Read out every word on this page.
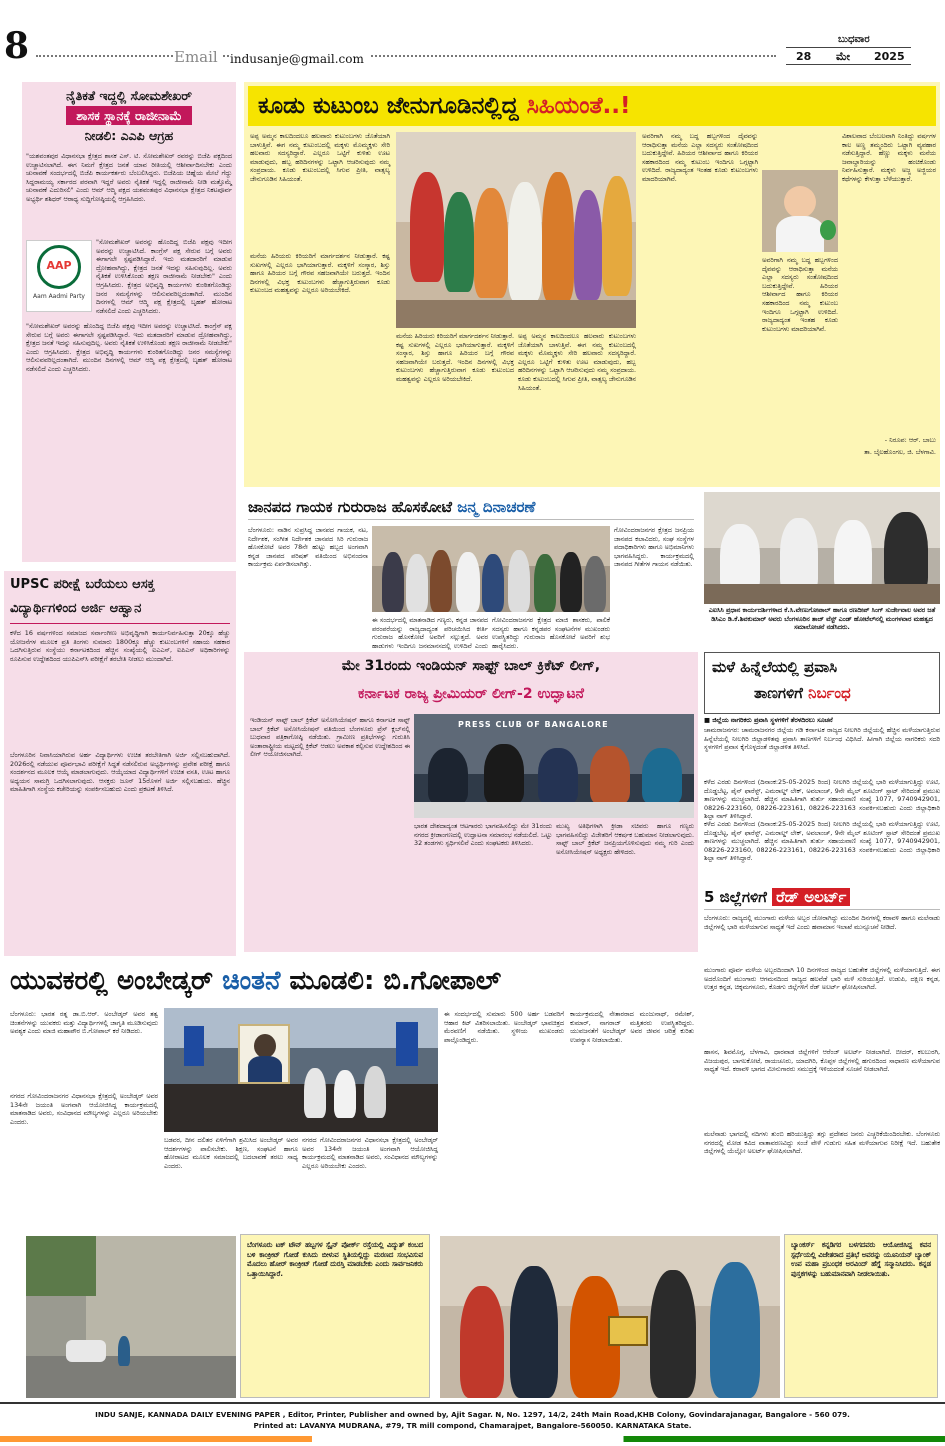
8	Email	indusanje@gmail.com
ಬುಧವಾರ
28 ಮೇ 2025
ನೈತಿಕತೆ ಇದ್ದಲ್ಲಿ ಸೋಮಶೇಖರ್
ಶಾಸಕ ಸ್ಥಾನಕ್ಕೆ ರಾಜೀನಾಮೆ
ನೀಡಲಿ: ಎಎಪಿ ಆಗ್ರಹ
"ಯಶವಂತಪುರ ವಿಧಾನಸಭಾ ಕ್ಷೇತ್ರದ ಶಾಸಕ ಎಸ್. ಟಿ. ಸೋಮಶೇಖರ್ ರವರನ್ನು ಬಿಜೆಪಿ ಪಕ್ಷದಿಂದ ಉಚ್ಚಾಟಿಸಲಾಗಿದೆ. ಈಗ ನಿಮಗೆ ಕ್ಷೇತ್ರದ ಜನತೆ ಯಾವ ರೀತಿಯಲ್ಲಿ ಆಶೀರ್ವಾದಿಸಬೇಕು ಎಂದು ಚುನಾವಣೆ ಸಂದರ್ಭದಲ್ಲಿ ಬಿಜೆಪಿ ಕಾರ್ಯಕರ್ತರು ಬೆಂಬಲಿಸಿದ್ದರು. ಬಿಜೆಪಿಯ ಚಿಹ್ನೆಯ ಮೇಲೆ ಗೆದ್ದು ಸಿದ್ದರಾಮಯ್ಯ ಸರ್ಕಾರದ ಪರವಾಗಿ ಇದ್ದರೆ ಅವರು ನೈತಿಕತೆ ಇದ್ದಲ್ಲಿ ರಾಜೀನಾಮೆ ನೀಡಿ ಮತ್ತೊಮ್ಮೆ ಚುನಾವಣೆ ಎದುರಿಸಲಿ" ಎಂದು ಆಮ್ ಆದ್ಮಿ ಪಕ್ಷದ ಯಶವಂತಪುರ ವಿಧಾನಸಭಾ ಕ್ಷೇತ್ರದ ನಿಕಟಪೂರ್ವ ಅಭ್ಯರ್ಥಿ ಶಶಿಧರ್ ಆರಾಧ್ಯ ಸುದ್ದಿಗೋಷ್ಠಿಯಲ್ಲಿ ಆಗ್ರಹಿಸಿದರು.
AAP
Aam Aadmi Party
"ಸೋಮಶೇಖರ್ ಅವರನ್ನು ಹೊಂದಿದ್ದ ಬಿಜೆಪಿ ಪಕ್ಷವು ಇದೀಗ ಅವರನ್ನು ಉಚ್ಚಾಟಿಸಿದೆ. ಕಾಂಗ್ರೆಸ್ ಪಕ್ಷ ಸೇರುವ ಬಗ್ಗೆ ಅವರು ಈಗಾಗಲೇ ಸ್ಪಷ್ಟಪಡಿಸಿದ್ದಾರೆ. ಇದು ಮತದಾರರಿಗೆ ಮಾಡುವ ದ್ರೋಹವಾಗಿದ್ದು, ಕ್ಷೇತ್ರದ ಜನತೆ ಇದನ್ನು ಸಹಿಸುವುದಿಲ್ಲ. ಅವರು ನೈತಿಕತೆ ಉಳಿಸಿಕೊಂಡು ತಕ್ಷಣ ರಾಜೀನಾಮೆ ನೀಡಬೇಕು" ಎಂದು ಆಗ್ರಹಿಸಿದರು. ಕ್ಷೇತ್ರದ ಅಭಿವೃದ್ಧಿ ಕಾರ್ಯಗಳು ಕುಂಠಿತಗೊಂಡಿದ್ದು ಜನರ ಸಮಸ್ಯೆಗಳನ್ನು ಆಲಿಸುವವರಿಲ್ಲದಂತಾಗಿದೆ. ಮುಂದಿನ ದಿನಗಳಲ್ಲಿ ಆಮ್ ಆದ್ಮಿ ಪಕ್ಷ ಕ್ಷೇತ್ರದಲ್ಲಿ ಬೃಹತ್ ಹೋರಾಟ ನಡೆಸಲಿದೆ ಎಂದು ಎಚ್ಚರಿಸಿದರು.
"ಸೋಮಶೇಖರ್ ಅವರನ್ನು ಹೊಂದಿದ್ದ ಬಿಜೆಪಿ ಪಕ್ಷವು ಇದೀಗ ಅವರನ್ನು ಉಚ್ಚಾಟಿಸಿದೆ. ಕಾಂಗ್ರೆಸ್ ಪಕ್ಷ ಸೇರುವ ಬಗ್ಗೆ ಅವರು ಈಗಾಗಲೇ ಸ್ಪಷ್ಟಪಡಿಸಿದ್ದಾರೆ. ಇದು ಮತದಾರರಿಗೆ ಮಾಡುವ ದ್ರೋಹವಾಗಿದ್ದು, ಕ್ಷೇತ್ರದ ಜನತೆ ಇದನ್ನು ಸಹಿಸುವುದಿಲ್ಲ. ಅವರು ನೈತಿಕತೆ ಉಳಿಸಿಕೊಂಡು ತಕ್ಷಣ ರಾಜೀನಾಮೆ ನೀಡಬೇಕು" ಎಂದು ಆಗ್ರಹಿಸಿದರು. ಕ್ಷೇತ್ರದ ಅಭಿವೃದ್ಧಿ ಕಾರ್ಯಗಳು ಕುಂಠಿತಗೊಂಡಿದ್ದು ಜನರ ಸಮಸ್ಯೆಗಳನ್ನು ಆಲಿಸುವವರಿಲ್ಲದಂತಾಗಿದೆ. ಮುಂದಿನ ದಿನಗಳಲ್ಲಿ ಆಮ್ ಆದ್ಮಿ ಪಕ್ಷ ಕ್ಷೇತ್ರದಲ್ಲಿ ಬೃಹತ್ ಹೋರಾಟ ನಡೆಸಲಿದೆ ಎಂದು ಎಚ್ಚರಿಸಿದರು.
UPSC ಪರೀಕ್ಷೆ ಬರೆಯಲು ಆಸಕ್ತ
ವಿದ್ಯಾರ್ಥಿಗಳಿಂದ ಅರ್ಜಿ ಆಹ್ವಾನ
ಕಳೆದ 16 ವರ್ಷಗಳಿಂದ ಸಮಾಜದ ಸರ್ವಾಂಗೀಣ ಅಭಿವೃದ್ಧಿಗಾಗಿ ಕಾರ್ಯನಿರ್ವಹಿಸುತ್ತಾ 20ಕ್ಕೂ ಹೆಚ್ಚು ಯೋಜನೆಗಳ ಮೂಲಕ ಪ್ರತಿ ತಿಂಗಳು ಸುಮಾರು 1800ಕ್ಕೂ ಹೆಚ್ಚು ಕುಟುಂಬಗಳಿಗೆ ಸಹಾಯ ಸಹಕಾರ ಒದಗಿಸುತ್ತಿರುವ ಸಂಸ್ಥೆಯು ಕರ್ನಾಟಕದಿಂದ ಹೆಚ್ಚಿನ ಸಂಖ್ಯೆಯಲ್ಲಿ ಐಎಎಸ್, ಐಪಿಎಸ್ ಅಧಿಕಾರಿಗಳನ್ನು ರೂಪಿಸುವ ಉದ್ದೇಶದಿಂದ ಯುಪಿಎಸ್‌ಸಿ ಪರೀಕ್ಷೆಗೆ ತರಬೇತಿ ನೀಡಲು ಮುಂದಾಗಿದೆ.
ಬೆಂಗಳೂರಿನ ನಿವಾಸಿಯಾಗಿರುವ ಅರ್ಹ ವಿದ್ಯಾರ್ಥಿಗಳು ಉಚಿತ ತರಬೇತಿಗಾಗಿ ಅರ್ಜಿ ಸಲ್ಲಿಸಬಹುದಾಗಿದೆ. 2026ರಲ್ಲಿ ನಡೆಯುವ ಪೂರ್ವಭಾವಿ ಪರೀಕ್ಷೆಗೆ ಸಿದ್ಧತೆ ನಡೆಸಲಿರುವ ಅಭ್ಯರ್ಥಿಗಳನ್ನು ಪ್ರವೇಶ ಪರೀಕ್ಷೆ ಹಾಗೂ ಸಂದರ್ಶನದ ಮೂಲಕ ಆಯ್ಕೆ ಮಾಡಲಾಗುವುದು. ಆಯ್ಕೆಯಾದ ವಿದ್ಯಾರ್ಥಿಗಳಿಗೆ ಉಚಿತ ವಸತಿ, ಊಟ ಹಾಗೂ ಅಧ್ಯಯನ ಸಾಮಗ್ರಿ ಒದಗಿಸಲಾಗುವುದು. ಆಸಕ್ತರು ಜೂನ್ 15ರೊಳಗೆ ಅರ್ಜಿ ಸಲ್ಲಿಸಬಹುದು. ಹೆಚ್ಚಿನ ಮಾಹಿತಿಗಾಗಿ ಸಂಸ್ಥೆಯ ಕಚೇರಿಯನ್ನು ಸಂಪರ್ಕಿಸಬಹುದು ಎಂದು ಪ್ರಕಟಣೆ ತಿಳಿಸಿದೆ.
ಕೂಡು ಕುಟುಂಬ ಜೇನುಗೂಡಿನಲ್ಲಿದ್ದ ಸಿಹಿಯಂತೆ..!
ಅಪ್ಪ ಅಮ್ಮನ ಕಾಲದಿಂದಲೂ ಹಲವಾರು ಕುಟುಂಬಗಳು ಜೊತೆಯಾಗಿ ಬಾಳುತ್ತಿವೆ. ಈಗ ನಮ್ಮ ಕುಟುಂಬದಲ್ಲಿ ಮಕ್ಕಳು ಮೊಮ್ಮಕ್ಕಳು ಸೇರಿ ಹಲವಾರು ಸದಸ್ಯರಿದ್ದಾರೆ. ಎಲ್ಲರೂ ಒಟ್ಟಿಗೆ ಕುಳಿತು ಊಟ ಮಾಡುವುದು, ಹಬ್ಬ ಹರಿದಿನಗಳನ್ನು ಒಟ್ಟಾಗಿ ಆಚರಿಸುವುದು ನಮ್ಮ ಸಂಪ್ರದಾಯ. ಕೂಡು ಕುಟುಂಬದಲ್ಲಿ ಸಿಗುವ ಪ್ರೀತಿ, ವಾತ್ಸಲ್ಯ ಜೇನುಗೂಡಿನ ಸಿಹಿಯಂತೆ.
ಮನೆಯ ಹಿರಿಯರು ಕಿರಿಯರಿಗೆ ಮಾರ್ಗದರ್ಶನ ನೀಡುತ್ತಾರೆ. ಕಷ್ಟ ಸುಖಗಳಲ್ಲಿ ಎಲ್ಲರೂ ಭಾಗಿಯಾಗುತ್ತಾರೆ. ಮಕ್ಕಳಿಗೆ ಸಂಸ್ಕಾರ, ಶಿಸ್ತು ಹಾಗೂ ಹಿರಿಯರ ಬಗ್ಗೆ ಗೌರವ ಸಹಜವಾಗಿಯೇ ಬರುತ್ತದೆ. ಇಂದಿನ ದಿನಗಳಲ್ಲಿ ವಿಭಕ್ತ ಕುಟುಂಬಗಳು ಹೆಚ್ಚಾಗುತ್ತಿರುವಾಗ ಕೂಡು ಕುಟುಂಬದ ಮಹತ್ವವನ್ನು ಎಲ್ಲರೂ ಅರಿಯಬೇಕಿದೆ.
ಮನೆಯ ಹಿರಿಯರು ಕಿರಿಯರಿಗೆ ಮಾರ್ಗದರ್ಶನ ನೀಡುತ್ತಾರೆ. ಕಷ್ಟ ಸುಖಗಳಲ್ಲಿ ಎಲ್ಲರೂ ಭಾಗಿಯಾಗುತ್ತಾರೆ. ಮಕ್ಕಳಿಗೆ ಸಂಸ್ಕಾರ, ಶಿಸ್ತು ಹಾಗೂ ಹಿರಿಯರ ಬಗ್ಗೆ ಗೌರವ ಸಹಜವಾಗಿಯೇ ಬರುತ್ತದೆ. ಇಂದಿನ ದಿನಗಳಲ್ಲಿ ವಿಭಕ್ತ ಕುಟುಂಬಗಳು ಹೆಚ್ಚಾಗುತ್ತಿರುವಾಗ ಕೂಡು ಕುಟುಂಬದ ಮಹತ್ವವನ್ನು ಎಲ್ಲರೂ ಅರಿಯಬೇಕಿದೆ.
ಅಪ್ಪ ಅಮ್ಮನ ಕಾಲದಿಂದಲೂ ಹಲವಾರು ಕುಟುಂಬಗಳು ಜೊತೆಯಾಗಿ ಬಾಳುತ್ತಿವೆ. ಈಗ ನಮ್ಮ ಕುಟುಂಬದಲ್ಲಿ ಮಕ್ಕಳು ಮೊಮ್ಮಕ್ಕಳು ಸೇರಿ ಹಲವಾರು ಸದಸ್ಯರಿದ್ದಾರೆ. ಎಲ್ಲರೂ ಒಟ್ಟಿಗೆ ಕುಳಿತು ಊಟ ಮಾಡುವುದು, ಹಬ್ಬ ಹರಿದಿನಗಳನ್ನು ಒಟ್ಟಾಗಿ ಆಚರಿಸುವುದು ನಮ್ಮ ಸಂಪ್ರದಾಯ. ಕೂಡು ಕುಟುಂಬದಲ್ಲಿ ಸಿಗುವ ಪ್ರೀತಿ, ವಾತ್ಸಲ್ಯ ಜೇನುಗೂಡಿನ ಸಿಹಿಯಂತೆ.
ಅವರಿಗಾಗಿ ನಮ್ಮ ಬದ್ಧ ಹಬ್ಬಗಳಿಂದ ದೈವವನ್ನು ಆರಾಧಿಸುತ್ತಾ ಮನೆಯ ಎಲ್ಲಾ ಸದಸ್ಯರು ಸಂತೋಷದಿಂದ ಬದುಕುತ್ತಿದ್ದೇವೆ. ಹಿರಿಯರ ಆಶೀರ್ವಾದ ಹಾಗೂ ಕಿರಿಯರ ಸಹಕಾರದಿಂದ ನಮ್ಮ ಕುಟುಂಬ ಇಂದಿಗೂ ಒಗ್ಗಟ್ಟಾಗಿ ಉಳಿದಿದೆ. ರಾಜ್ಯದಾದ್ಯಂತ ಇಂತಹ ಕೂಡು ಕುಟುಂಬಗಳು ಮಾದರಿಯಾಗಿವೆ.
ಅವರಿಗಾಗಿ ನಮ್ಮ ಬದ್ಧ ಹಬ್ಬಗಳಿಂದ ದೈವವನ್ನು ಆರಾಧಿಸುತ್ತಾ ಮನೆಯ ಎಲ್ಲಾ ಸದಸ್ಯರು ಸಂತೋಷದಿಂದ ಬದುಕುತ್ತಿದ್ದೇವೆ. ಹಿರಿಯರ ಆಶೀರ್ವಾದ ಹಾಗೂ ಕಿರಿಯರ ಸಹಕಾರದಿಂದ ನಮ್ಮ ಕುಟುಂಬ ಇಂದಿಗೂ ಒಗ್ಗಟ್ಟಾಗಿ ಉಳಿದಿದೆ. ರಾಜ್ಯದಾದ್ಯಂತ ಇಂತಹ ಕೂಡು ಕುಟುಂಬಗಳು ಮಾದರಿಯಾಗಿವೆ.
ವಿಶಾಲವಾದ ಬೆಂಬಲವಾಗಿ ನಿಂತಿದ್ದು ವರ್ಷಗಳ ಕಾಲ ಅಣ್ಣ ತಮ್ಮಂದಿರು ಒಟ್ಟಾಗಿ ವ್ಯವಹಾರ ನಡೆಸುತ್ತಿದ್ದಾರೆ. ಹೆಣ್ಣು ಮಕ್ಕಳು ಮನೆಯ ಜವಾಬ್ದಾರಿಯನ್ನು ಹಂಚಿಕೊಂಡು ನಿರ್ವಹಿಸುತ್ತಾರೆ. ಮಕ್ಕಳು ಅಜ್ಜ ಅಜ್ಜಿಯರ ಕಥೆಗಳನ್ನು ಕೇಳುತ್ತಾ ಬೆಳೆಯುತ್ತಾರೆ.
- ನಿರೂಪ: ಆರ್. ಬಾಬು
ತಾ. ಬೈಲಹೊಂಗಲ, ಜಿ. ಬೆಳಗಾವಿ.
ಜಾನಪದ ಗಾಯಕ ಗುರುರಾಜ ಹೊಸಕೋಟೆ ಜನ್ಮ ದಿನಾಚರಣೆ
ಬೆಂಗಳೂರು: ನಾಡಿನ ಸುಪ್ರಸಿದ್ಧ ಜಾನಪದ ಗಾಯಕ, ನಟ, ನಿರ್ದೇಶಕ, ಸಂಗೀತ ನಿರ್ದೇಶಕ ಜಾನಪದ ಸಿರಿ ಗುರುರಾಜ ಹೊಸಕೋಟೆ ಅವರ 78ನೇ ಹುಟ್ಟು ಹಬ್ಬದ ಅಂಗವಾಗಿ ಕನ್ನಡ ಜಾನಪದ ಪರಿಷತ್ ವತಿಯಿಂದ ಅಭಿನಂದನಾ ಕಾರ್ಯಕ್ರಮ ಏರ್ಪಡಿಸಲಾಗಿತ್ತು.
ಈ ಸಂದರ್ಭದಲ್ಲಿ ಮಾತನಾಡಿದ ಗಣ್ಯರು, ಕನ್ನಡ ಜಾನಪದ ಪರಂಪರೆಯನ್ನು ರಾಜ್ಯದಾದ್ಯಂತ ಪರಿಚಯಿಸಿದ ಕೀರ್ತಿ ಗುರುರಾಜ ಹೊಸಕೋಟೆ ಅವರಿಗೆ ಸಲ್ಲುತ್ತದೆ. ಅವರ ಹಾಡುಗಳು ಇಂದಿಗೂ ಜನಮಾನಸದಲ್ಲಿ ಉಳಿದಿವೆ ಎಂದು
ಗೋವಿಂದರಾಜನಗರ ಕ್ಷೇತ್ರದ ಮಾಜಿ ಶಾಸಕರು, ಪಾಲಿಕೆ ಸದಸ್ಯರು ಹಾಗೂ ಕನ್ನಡಪರ ಸಂಘಟನೆಗಳ ಮುಖಂಡರು ಉಪಸ್ಥಿತರಿದ್ದು ಗುರುರಾಜ ಹೊಸಕೋಟೆ ಅವರಿಗೆ ಶುಭ ಹಾರೈಸಿದರು.
ಗೋವಿಂದರಾಜನಗರ ಕ್ಷೇತ್ರದ ಜನಪ್ರಿಯ ಜಾನಪದ ಕಲಾವಿದರು, ಸಂಘ ಸಂಸ್ಥೆಗಳ ಪದಾಧಿಕಾರಿಗಳು ಹಾಗೂ ಅಭಿಮಾನಿಗಳು ಭಾಗವಹಿಸಿದ್ದರು. ಕಾರ್ಯಕ್ರಮದಲ್ಲಿ ಜಾನಪದ ಗೀತೆಗಳ ಗಾಯನ ನಡೆಯಿತು.
ಎಐಸಿಸಿ ಪ್ರಧಾನ ಕಾರ್ಯದರ್ಶಿಗಳಾದ ಕೆ.ಸಿ.ವೇಣುಗೋಪಾಲ್ ಹಾಗೂ ರಣದೀಪ್ ಸಿಂಗ್ ಸುರ್ಜೇವಾಲ ಅವರ ಜತೆ ಡಿಸಿಎಂ ಡಿ.ಕೆ.ಶಿವಕುಮಾರ್ ಅವರು ಬೆಂಗಳೂರಿನ ತಾಜ್ ವೆಸ್ಟ್ ಎಂಡ್ ಹೋಟೆಲ್‌ನಲ್ಲಿ ಮಂಗಳವಾರ ಮಹತ್ವದ ಸಮಾಲೋಚನೆ ನಡೆಸಿದರು.
ಮಳೆ ಹಿನ್ನೆಲೆಯಲ್ಲಿ ಪ್ರವಾಸಿ
ತಾಣಗಳಿಗೆ ನಿರ್ಬಂಧ
■ ಜಿಲ್ಲೆಯ ನಾಗರಿಕರು ಪ್ರವಾಸಿ ಸ್ಥಳಗಳಿಗೆ ತೆರಳದಿರಲು ಸೂಚನೆ
ಚಾಮರಾಜನಗರ: ಚಾಮರಾಜನಗರ ಜಿಲ್ಲೆಯ ಗಡಿ ಕರ್ನಾಟಕ ರಾಜ್ಯದ ನೀಲಗಿರಿ ಜಿಲ್ಲೆಯಲ್ಲಿ ಹೆಚ್ಚಿನ ಮಳೆಯಾಗುತ್ತಿರುವ ಹಿನ್ನೆಲೆಯಲ್ಲಿ ನೀಲಗಿರಿ ಜಿಲ್ಲಾಡಳಿತವು ಪ್ರವಾಸಿ ತಾಣಗಳಿಗೆ ನಿರ್ಬಂಧ ವಿಧಿಸಿದೆ. ಹೀಗಾಗಿ ಜಿಲ್ಲೆಯ ನಾಗರಿಕರು ಸದರಿ ಸ್ಥಳಗಳಿಗೆ ಪ್ರವಾಸ ಕೈಗೊಳ್ಳದಂತೆ ಜಿಲ್ಲಾಡಳಿತ ತಿಳಿಸಿದೆ.
ಕಳೆದ ಎರಡು ದಿನಗಳಿಂದ (ದಿನಾಂಕ:25-05-2025 ರಿಂದ) ನೀಲಗಿರಿ ಜಿಲ್ಲೆಯಲ್ಲಿ ಭಾರಿ ಮಳೆಯಾಗುತ್ತಿದ್ದು ಊಟಿ, ದೊಡ್ಡಬೆಟ್ಟ, ಪೈನ್ ಫಾರೆಸ್ಟ್, ಎಮರಾಲ್ಡ್ ಲೇಕ್, ಅವಲಾಂಚ್, 9ನೇ ಮೈಲ್ ಶೂಟಿಂಗ್ ಸ್ಪಾಟ್ ಸೇರಿದಂತೆ ಪ್ರಮುಖ ತಾಣಗಳನ್ನು ಮುಚ್ಚಲಾಗಿದೆ. ಹೆಚ್ಚಿನ ಮಾಹಿತಿಗಾಗಿ ತುರ್ತು ಸಹಾಯವಾಣಿ ಸಂಖ್ಯೆ 1077, 9740942901, 08226-223160, 08226-223161, 08226-223163 ಸಂಪರ್ಕಿಸಬಹುದು ಎಂದು ಜಿಲ್ಲಾಧಿಕಾರಿ ಶಿಲ್ಪಾ ನಾಗ್ ತಿಳಿಸಿದ್ದಾರೆ.
ಕಳೆದ ಎರಡು ದಿನಗಳಿಂದ (ದಿನಾಂಕ:25-05-2025 ರಿಂದ) ನೀಲಗಿರಿ ಜಿಲ್ಲೆಯಲ್ಲಿ ಭಾರಿ ಮಳೆಯಾಗುತ್ತಿದ್ದು ಊಟಿ, ದೊಡ್ಡಬೆಟ್ಟ, ಪೈನ್ ಫಾರೆಸ್ಟ್, ಎಮರಾಲ್ಡ್ ಲೇಕ್, ಅವಲಾಂಚ್, 9ನೇ ಮೈಲ್ ಶೂಟಿಂಗ್ ಸ್ಪಾಟ್ ಸೇರಿದಂತೆ ಪ್ರಮುಖ ತಾಣಗಳನ್ನು ಮುಚ್ಚಲಾಗಿದೆ. ಹೆಚ್ಚಿನ ಮಾಹಿತಿಗಾಗಿ ತುರ್ತು ಸಹಾಯವಾಣಿ ಸಂಖ್ಯೆ 1077, 9740942901, 08226-223160, 08226-223161, 08226-223163 ಸಂಪರ್ಕಿಸಬಹುದು ಎಂದು ಜಿಲ್ಲಾಧಿಕಾರಿ ಶಿಲ್ಪಾ ನಾಗ್ ತಿಳಿಸಿದ್ದಾರೆ.
5 ಜಿಲ್ಲೆಗಳಿಗೆ ರೆಡ್ ಅಲರ್ಟ್
ಬೆಂಗಳೂರು: ರಾಜ್ಯದಲ್ಲಿ ಮುಂಗಾರು ಮಳೆಯ ಅಬ್ಬರ ಜೋರಾಗಿದ್ದು ಮುಂದಿನ ದಿನಗಳಲ್ಲಿ ಕರಾವಳಿ ಹಾಗೂ ಮಲೆನಾಡು ಜಿಲ್ಲೆಗಳಲ್ಲಿ ಭಾರಿ ಮಳೆಯಾಗುವ ಸಾಧ್ಯತೆ ಇದೆ ಎಂದು ಹವಾಮಾನ ಇಲಾಖೆ ಮುನ್ಸೂಚನೆ ನೀಡಿದೆ.
ಮುಂಗಾರು ಪೂರ್ವ ಮಳೆಯ ಅಬ್ಬರದಿಂದಾಗಿ 10 ದಿನಗಳಿಂದ ರಾಜ್ಯದ ಬಹುತೇಕ ಜಿಲ್ಲೆಗಳಲ್ಲಿ ಮಳೆಯಾಗುತ್ತಿದೆ. ಈಗ ಅದರೊಂದಿಗೆ ಮುಂಗಾರು ಆಗಮನದಿಂದ ರಾಜ್ಯದ ಹಲವೆಡೆ ಭಾರಿ ಮಳೆ ಸುರಿಯುತ್ತಿದೆ. ಉಡುಪಿ, ದಕ್ಷಿಣ ಕನ್ನಡ, ಉತ್ತರ ಕನ್ನಡ, ಚಿಕ್ಕಮಗಳೂರು, ಕೊಡಗು ಜಿಲ್ಲೆಗಳಿಗೆ ರೆಡ್ ಅಲರ್ಟ್ ಘೋಷಿಸಲಾಗಿದೆ.
ಹಾಸನ, ಶಿವಮೊಗ್ಗ, ಬೆಳಗಾವಿ, ಧಾರವಾಡ ಜಿಲ್ಲೆಗಳಿಗೆ ಆರೆಂಜ್ ಅಲರ್ಟ್ ನೀಡಲಾಗಿದೆ. ಬೀದರ್, ಕಲಬುರಗಿ, ವಿಜಯಪುರ, ಬಾಗಲಕೋಟೆ, ರಾಯಚೂರು, ಯಾದಗಿರಿ, ಕೊಪ್ಪಳ ಜಿಲ್ಲೆಗಳಲ್ಲಿ ಹಗುರದಿಂದ ಸಾಧಾರಣ ಮಳೆಯಾಗುವ ಸಾಧ್ಯತೆ ಇದೆ. ಕರಾವಳಿ ಭಾಗದ ಮೀನುಗಾರರು ಸಮುದ್ರಕ್ಕೆ ಇಳಿಯದಂತೆ ಸೂಚನೆ ನೀಡಲಾಗಿದೆ.
ಮಲೆನಾಡು ಭಾಗದಲ್ಲಿ ನದಿಗಳು ತುಂಬಿ ಹರಿಯುತ್ತಿದ್ದು ತಗ್ಗು ಪ್ರದೇಶದ ಜನರು ಎಚ್ಚರಿಕೆಯಿಂದಿರಬೇಕು. ಬೆಂಗಳೂರು ನಗರದಲ್ಲಿ ಮೋಡ ಕವಿದ ವಾತಾವರಣವಿದ್ದು ಸಂಜೆ ವೇಳೆ ಗುಡುಗು ಸಹಿತ ಮಳೆಯಾಗುವ ನಿರೀಕ್ಷೆ ಇದೆ. ಬಹುತೇಕ ಜಿಲ್ಲೆಗಳಲ್ಲಿ ಯೆಲ್ಲೋ ಅಲರ್ಟ್ ಘೋಷಿಸಲಾಗಿದೆ.
ಮೇ 31ರಂದು ಇಂಡಿಯನ್ ಸಾಫ್ಟ್ ಬಾಲ್ ಕ್ರಿಕೆಟ್ ಲೀಗ್,
ಕರ್ನಾಟಕ ರಾಜ್ಯ ಪ್ರೀಮಿಯರ್ ಲೀಗ್-2 ಉದ್ಘಾಟನೆ
ಇಂಡಿಯನ್ ಸಾಫ್ಟ್ ಬಾಲ್ ಕ್ರಿಕೆಟ್ ಅಸೋಸಿಯೇಷನ್ ಹಾಗೂ ಕರ್ನಾಟಕ ಸಾಫ್ಟ್ ಬಾಲ್ ಕ್ರಿಕೆಟ್ ಅಸೋಸಿಯೇಷನ್ ವತಿಯಿಂದ ಬೆಂಗಳೂರು ಪ್ರೆಸ್ ಕ್ಲಬ್‌ನಲ್ಲಿ ಬುಧವಾರ ಪತ್ರಿಕಾಗೋಷ್ಠಿ ನಡೆಯಿತು. ಗ್ರಾಮೀಣ ಪ್ರತಿಭೆಗಳನ್ನು ಗುರುತಿಸಿ ಅಂತಾರಾಷ್ಟ್ರೀಯ ಮಟ್ಟದಲ್ಲಿ ಕ್ರಿಕೆಟ್ ಆಡಲು ಅವಕಾಶ ಕಲ್ಪಿಸುವ ಉದ್ದೇಶದಿಂದ ಈ ಲೀಗ್ ಆಯೋಜಿಸಲಾಗಿದೆ.
PRESS CLUB OF BANGALORE
ಭಾರತ ದೇಶದಾದ್ಯಂತ ಆಟಗಾರರು ಭಾಗವಹಿಸಲಿದ್ದು ಮೇ 31ರಂದು ನಗರದ ಕ್ರೀಡಾಂಗಣದಲ್ಲಿ ಉದ್ಘಾಟನಾ ಸಮಾರಂಭ ನಡೆಯಲಿದೆ. ಒಟ್ಟು 32 ತಂಡಗಳು ಸ್ಪರ್ಧಿಸಲಿವೆ ಎಂದು ಸಂಘಟಕರು ತಿಳಿಸಿದರು.
ಮುಖ್ಯ ಅತಿಥಿಗಳಾಗಿ ಕ್ರೀಡಾ ಸಚಿವರು ಹಾಗೂ ಗಣ್ಯರು ಭಾಗವಹಿಸಲಿದ್ದು ವಿಜೇತರಿಗೆ ಆಕರ್ಷಕ ಬಹುಮಾನ ನೀಡಲಾಗುವುದು. ಸಾಫ್ಟ್ ಬಾಲ್ ಕ್ರಿಕೆಟ್ ಜನಪ್ರಿಯಗೊಳಿಸುವುದು ನಮ್ಮ ಗುರಿ ಎಂದು ಅಸೋಸಿಯೇಷನ್ ಅಧ್ಯಕ್ಷರು ಹೇಳಿದರು.
ಯುವಕರಲ್ಲಿ ಅಂಬೇಡ್ಕರ್ ಚಿಂತನೆ ಮೂಡಲಿ: ಬಿ.ಗೋಪಾಲ್
ಬೆಂಗಳೂರು: ಭಾರತ ರತ್ನ ಡಾ.ಬಿ.ಆರ್. ಅಂಬೇಡ್ಕರ್ ಅವರ ತತ್ವ ಚಿಂತನೆಗಳನ್ನು ಯುವಕರು ಮತ್ತು ವಿದ್ಯಾರ್ಥಿಗಳಲ್ಲಿ ಜಾಗೃತಿ ಮೂಡಿಸುವುದು ಅವಶ್ಯಕ ಎಂದು ಮಾಜಿ ಮಹಾಪೌರ ಬಿ.ಗೋಪಾಲ್ ಕರೆ ನೀಡಿದರು.
ನಗರದ ಗೋವಿಂದರಾಜನಗರ ವಿಧಾನಸಭಾ ಕ್ಷೇತ್ರದಲ್ಲಿ ಅಂಬೇಡ್ಕರ್ ಅವರ 134ನೇ ಜಯಂತಿ ಅಂಗವಾಗಿ ಆಯೋಜಿಸಿದ್ದ ಕಾರ್ಯಕ್ರಮದಲ್ಲಿ ಮಾತನಾಡಿದ ಅವರು, ಸಂವಿಧಾನದ ಮೌಲ್ಯಗಳನ್ನು ಎಲ್ಲರೂ ಅರಿಯಬೇಕು ಎಂದರು.
ಬಡವರ, ದೀನ ದಲಿತರ ಏಳಿಗೆಗಾಗಿ ಶ್ರಮಿಸಿದ ಅಂಬೇಡ್ಕರ್ ಅವರ ಆದರ್ಶಗಳನ್ನು ಪಾಲಿಸಬೇಕು. ಶಿಕ್ಷಣ, ಸಂಘಟನೆ ಹಾಗೂ ಹೋರಾಟದ ಮೂಲಕ ಸಮಾಜದಲ್ಲಿ ಬದಲಾವಣೆ ತರಲು ಸಾಧ್ಯ ಎಂದರು.
ನಗರದ ಗೋವಿಂದರಾಜನಗರ ವಿಧಾನಸಭಾ ಕ್ಷೇತ್ರದಲ್ಲಿ ಅಂಬೇಡ್ಕರ್ ಅವರ 134ನೇ ಜಯಂತಿ ಅಂಗವಾಗಿ ಆಯೋಜಿಸಿದ್ದ ಕಾರ್ಯಕ್ರಮದಲ್ಲಿ ಮಾತನಾಡಿದ ಅವರು, ಸಂವಿಧಾನದ ಮೌಲ್ಯಗಳನ್ನು ಎಲ್ಲರೂ ಅರಿಯಬೇಕು ಎಂದರು.
ಈ ಸಂದರ್ಭದಲ್ಲಿ ಸುಮಾರು 500 ಅರ್ಹ ಬಡವರಿಗೆ ಆಹಾರ ಕಿಟ್ ವಿತರಿಸಲಾಯಿತು. ಅಂಬೇಡ್ಕರ್ ಭಾವಚಿತ್ರದ ಮೆರವಣಿಗೆ ನಡೆಯಿತು. ಸ್ಥಳೀಯ ಮುಖಂಡರು ಪಾಲ್ಗೊಂಡಿದ್ದರು.
ಕಾರ್ಯಕ್ರಮದಲ್ಲಿ ನೇತಾರರಾದ ಮಂಜುನಾಥ್, ರಮೇಶ್, ಕುಮಾರ್, ನಾಗರಾಜ್ ಮತ್ತಿತರರು ಉಪಸ್ಥಿತರಿದ್ದರು. ಯುವಜನತೆಗೆ ಅಂಬೇಡ್ಕರ್ ಅವರ ಜೀವನ ಚರಿತ್ರೆ ಕುರಿತು ಉಪನ್ಯಾಸ ನೀಡಲಾಯಿತು.
ಬೆಂಗಳೂರು ಟಕ್ ಟೌನ್ ಹಬ್ಬಗಳ ಸ್ವೈನ್ ಪೋರ್ಕ್ ರಸ್ತೆಯಲ್ಲಿ ವಿದ್ಯುತ್ ಕಂಬದ ಬಳಿ ಕಾಂಕ್ರೀಟ್ ಗೋಡೆ ಕುಸಿದು ಬೀಳುವ ಸ್ಥಿತಿಯಲ್ಲಿದ್ದು ಮರಣದ ಸಂಭವಿಸುವ ಮೊದಲು ಹೋರ್ ಕಾಂಕ್ರೀಟ್ ಗೋಡೆ ದುರಸ್ತಿ ಮಾಡಬೇಕು ಎಂದು ಸಾರ್ವಜನಿಕರು ಒತ್ತಾಯಿಸಿದ್ದಾರೆ.
ಬ್ಯಾಂಕರ್ಸ್ ಕನ್ನಡಿಗರ ಬಳಗದವರು ಆಯೋಜಿಸಿದ್ದ ಕವನ ಸ್ಪರ್ಧೆಯಲ್ಲಿ ವಿಜೇತರಾದ ಪ್ರತಿಭೆ ಅವರನ್ನು ಯೂನಿಯನ್ ಬ್ಯಾಂಕ್ ಉಪ ಮಹಾ ಪ್ರಬಂಧಕ ಅರವಿಂದ್ ಹೆಗ್ಡೆ ಸನ್ಮಾನಿಸಿದರು. ಕನ್ನಡ ಪುಸ್ತಕಗಳನ್ನು ಬಹುಮಾನವಾಗಿ ನೀಡಲಾಯಿತು.
INDU SANJE, KANNADA DAILY EVENING PAPER , Editor, Printer, Publisher and owned by, Ajit Sagar. N, No. 1297, 14/2, 24th Main Road,KHB Colony, Govindarajanagar, Bangalore - 560 079.
Printed at: LAVANYA MUDRANA, #79, TR mill compond, Chamarajpet, Bangalore-560050. KARNATAKA State.
